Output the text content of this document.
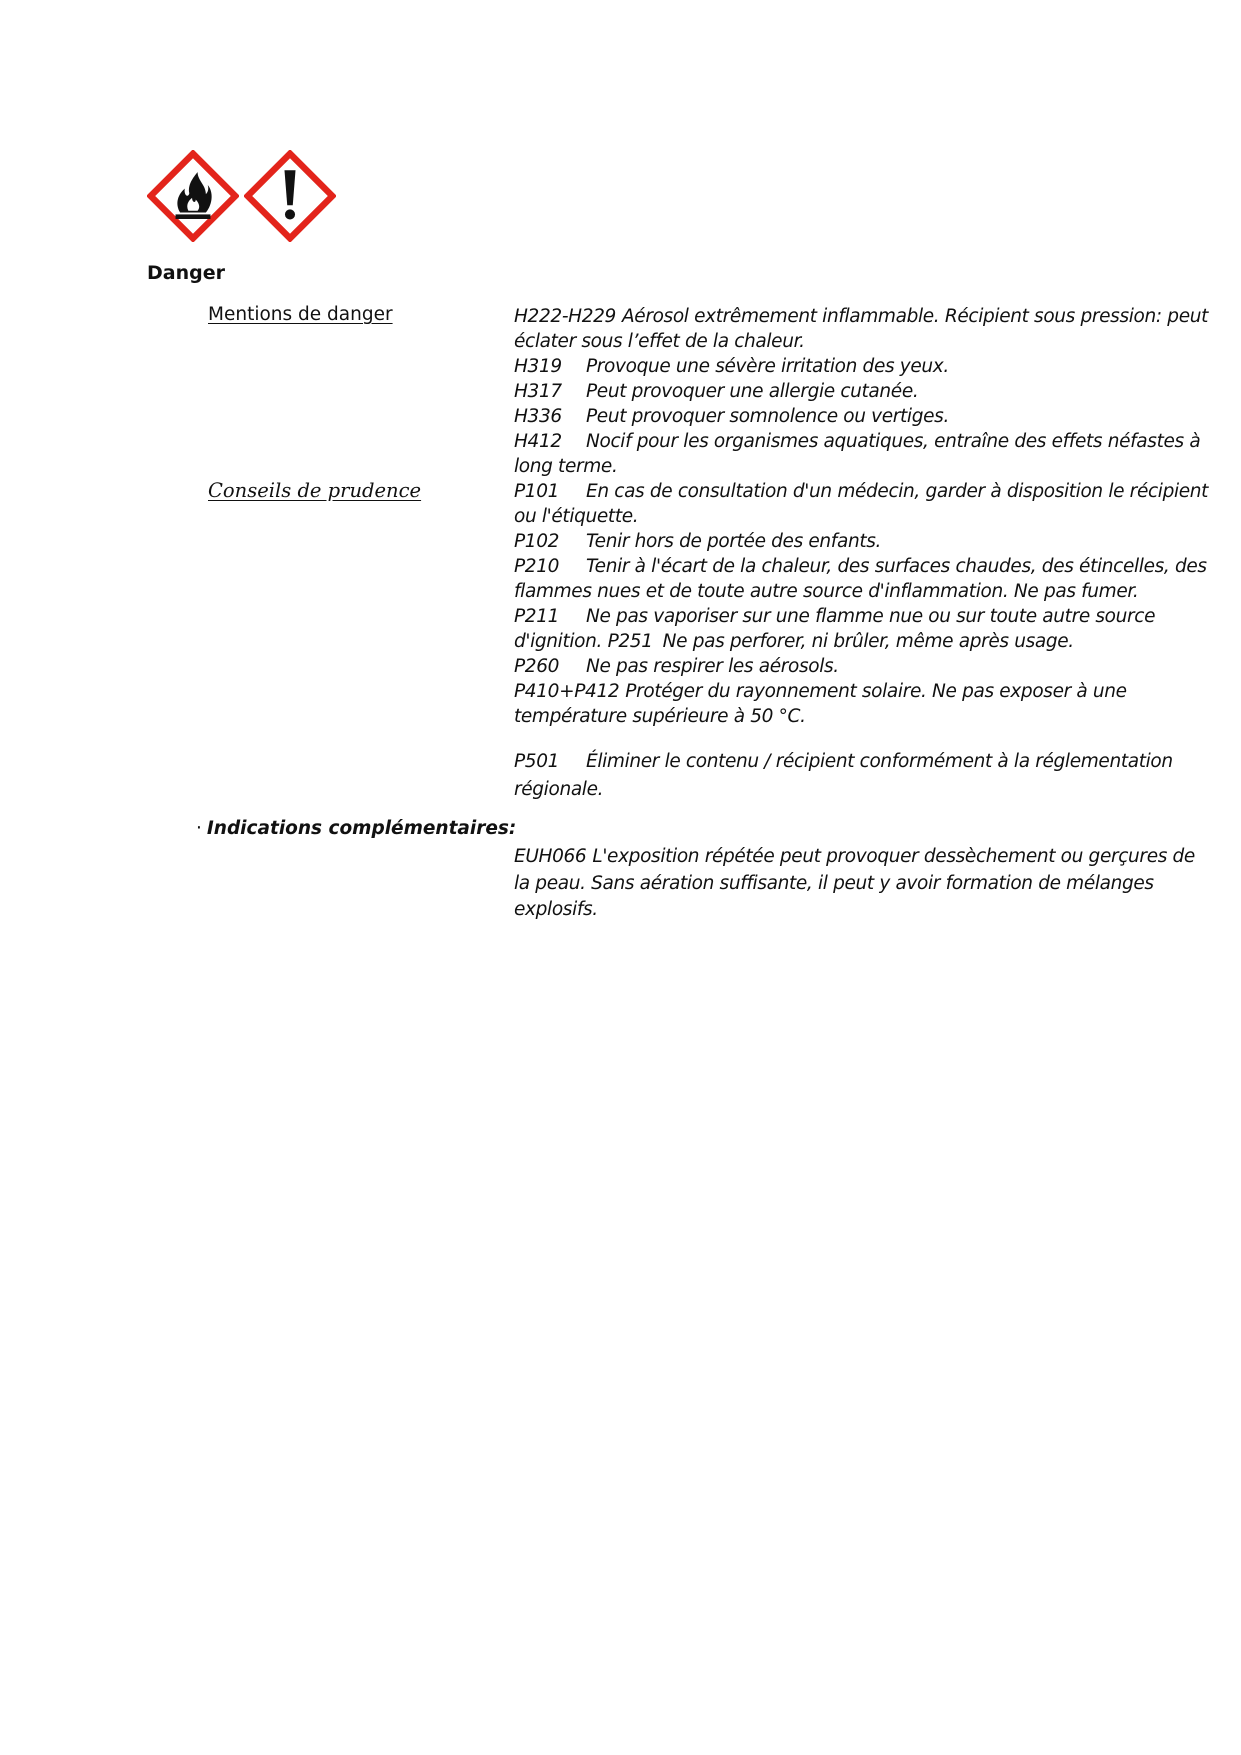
Danger
Mentions de danger	H222-H229 Aérosol extrêmement inflammable. Récipient sous pression: peut éclater sous l’effet de la chaleur.

H319 Provoque une sévère irritation des yeux.

H317 Peut provoquer une allergie cutanée.

H336 Peut provoquer somnolence ou vertiges.

H412 Nocif pour les organismes aquatiques, entraîne des effets néfastes à long terme.

Conseils de prudence	P101 En cas de consultation d'un médecin, garder à disposition le récipient ou l'étiquette.

P102 Tenir hors de portée des enfants.

P210 Tenir à l'écart de la chaleur, des surfaces chaudes, des étincelles, des flammes nues et de toute autre source d'inflammation. Ne pas fumer.

P211 Ne pas vaporiser sur une flamme nue ou sur toute autre source d'ignition. P251 Ne pas perforer, ni brûler, même après usage.

P260 Ne pas respirer les aérosols.

P410+P412 Protéger du rayonnement solaire. Ne pas exposer à une température supérieure à 50 °C.

P501 Éliminer le contenu / récipient conformément à la réglementation régionale.

· Indications complémentaires:

EUH066 L'exposition répétée peut provoquer dessèchement ou gerçures de la peau. Sans aération suffisante, il peut y avoir formation de mélanges explosifs.
